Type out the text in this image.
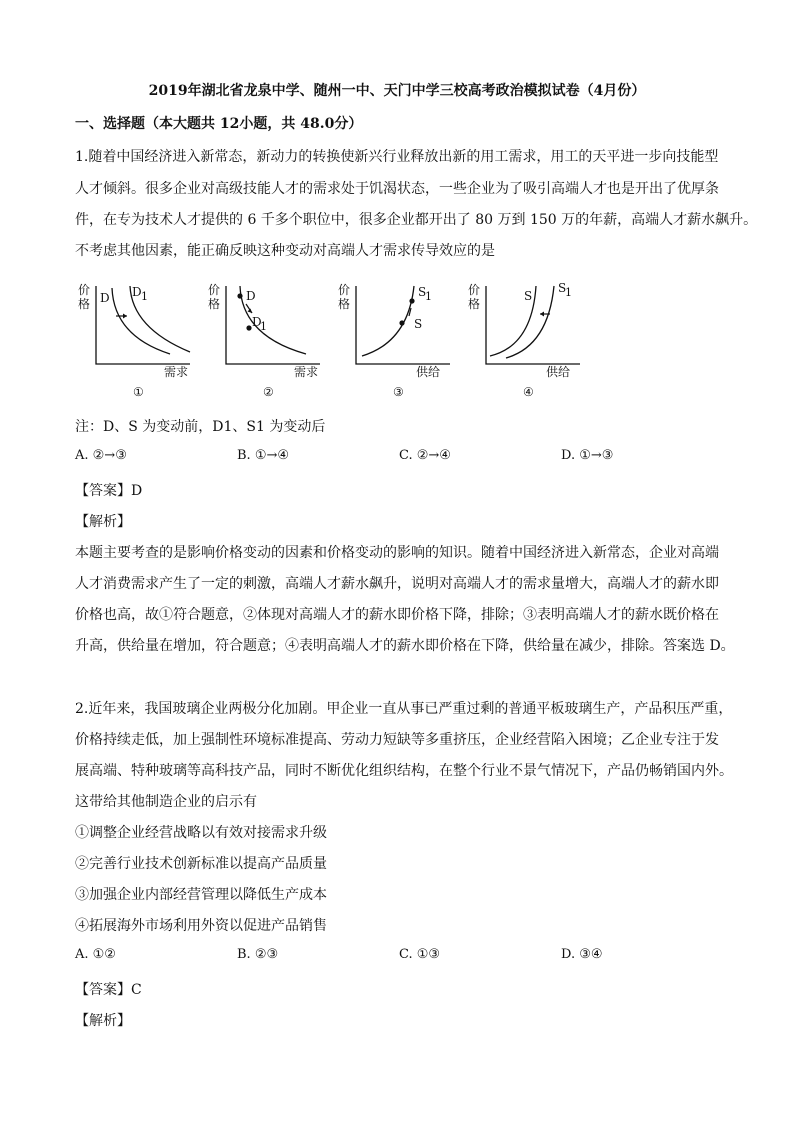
2019年湖北省龙泉中学、随州一中、天门中学三校高考政治模拟试卷（4月份）
一、选择题（本大题共 12小题，共 48.0分）
1.随着中国经济进入新常态，新动力的转换使新兴行业释放出新的用工需求，用工的天平进一步向技能型
人才倾斜。很多企业对高级技能人才的需求处于饥渴状态，一些企业为了吸引高端人才也是开出了优厚条
件，在专为技术人才提供的 6 千多个职位中，很多企业都开出了 80 万到 150 万的年薪，高端人才薪水飙升。
不考虑其他因素，能正确反映这种变动对高端人才需求传导效应的是
价
格 D D 1
需求
①
价
格
D
D
1
需求
②
价
格
S
1
S
供给
③
价
格
S
S
1
供给
④
注：D、S 为变动前，D1、S1 为变动后
A. ②→③	B. ①→④	C. ②→④	D. ①→③
【答案】D
【解析】
本题主要考查的是影响价格变动的因素和价格变动的影响的知识。随着中国经济进入新常态，企业对高端
人才消费需求产生了一定的刺激，高端人才薪水飙升，说明对高端人才的需求量增大，高端人才的薪水即
价格也高，故①符合题意，②体现对高端人才的薪水即价格下降，排除；③表明高端人才的薪水既价格在
升高，供给量在增加，符合题意；④表明高端人才的薪水即价格在下降，供给量在减少，排除。答案选 D。
2.近年来，我国玻璃企业两极分化加剧。甲企业一直从事已严重过剩的普通平板玻璃生产，产品积压严重，
价格持续走低，加上强制性环境标准提高、劳动力短缺等多重挤压，企业经营陷入困境；乙企业专注于发
展高端、特种玻璃等高科技产品，同时不断优化组织结构，在整个行业不景气情况下，产品仍畅销国内外。
这带给其他制造企业的启示有
①调整企业经营战略以有效对接需求升级
②完善行业技术创新标准以提高产品质量
③加强企业内部经营管理以降低生产成本
④拓展海外市场利用外资以促进产品销售
A. ①②	B. ②③	C. ①③	D. ③④
【答案】C
【解析】
